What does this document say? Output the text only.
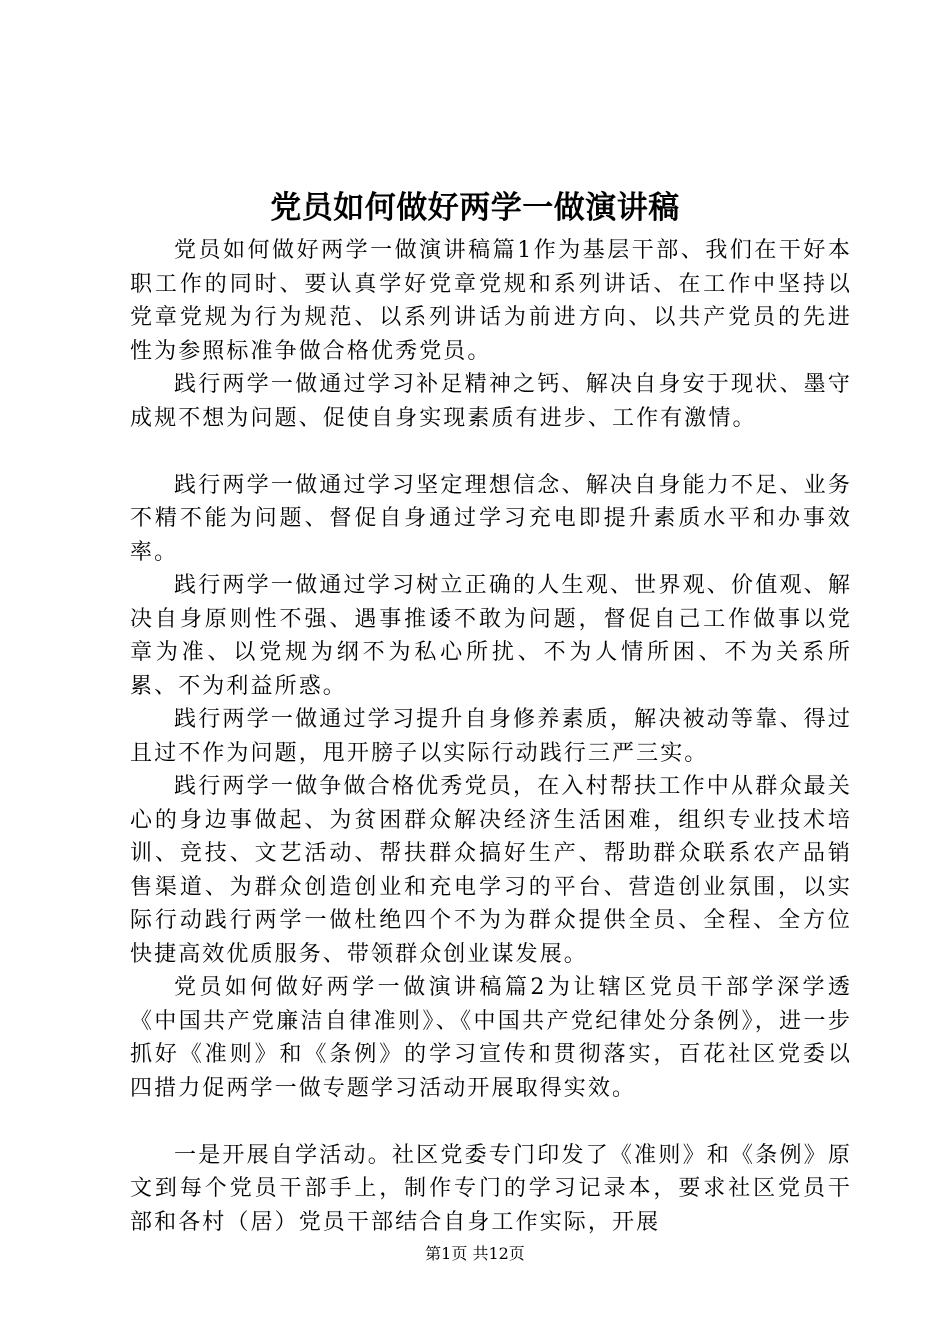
党员如何做好两学一做演讲稿

党员如何做好两学一做演讲稿篇1作为基层干部、我们在干好本职工作的同时、要认真学好党章党规和系列讲话、在工作中坚持以党章党规为行为规范、以系列讲话为前进方向、以共产党员的先进性为参照标准争做合格优秀党员。

践行两学一做通过学习补足精神之钙、解决自身安于现状、墨守成规不想为问题、促使自身实现素质有进步、工作有激情。

践行两学一做通过学习坚定理想信念、解决自身能力不足、业务不精不能为问题、督促自身通过学习充电即提升素质水平和办事效率。

践行两学一做通过学习树立正确的人生观、世界观、价值观、解决自身原则性不强、遇事推诿不敢为问题，督促自己工作做事以党章为准、以党规为纲不为私心所扰、不为人情所困、不为关系所累、不为利益所惑。

践行两学一做通过学习提升自身修养素质，解决被动等靠、得过且过不作为问题，甩开膀子以实际行动践行三严三实。

践行两学一做争做合格优秀党员，在入村帮扶工作中从群众最关心的身边事做起、为贫困群众解决经济生活困难，组织专业技术培训、竞技、文艺活动、帮扶群众搞好生产、帮助群众联系农产品销售渠道、为群众创造创业和充电学习的平台、营造创业氛围，以实际行动践行两学一做杜绝四个不为为群众提供全员、全程、全方位快捷高效优质服务、带领群众创业谋发展。

党员如何做好两学一做演讲稿篇2为让辖区党员干部学深学透《中国共产党廉洁自律准则》、《中国共产党纪律处分条例》，进一步抓好《准则》和《条例》的学习宣传和贯彻落实，百花社区党委以四措力促两学一做专题学习活动开展取得实效。

一是开展自学活动。社区党委专门印发了《准则》和《条例》原文到每个党员干部手上，制作专门的学习记录本，要求社区党员干部和各村（居）党员干部结合自身工作实际，开展

第1页 共12页
